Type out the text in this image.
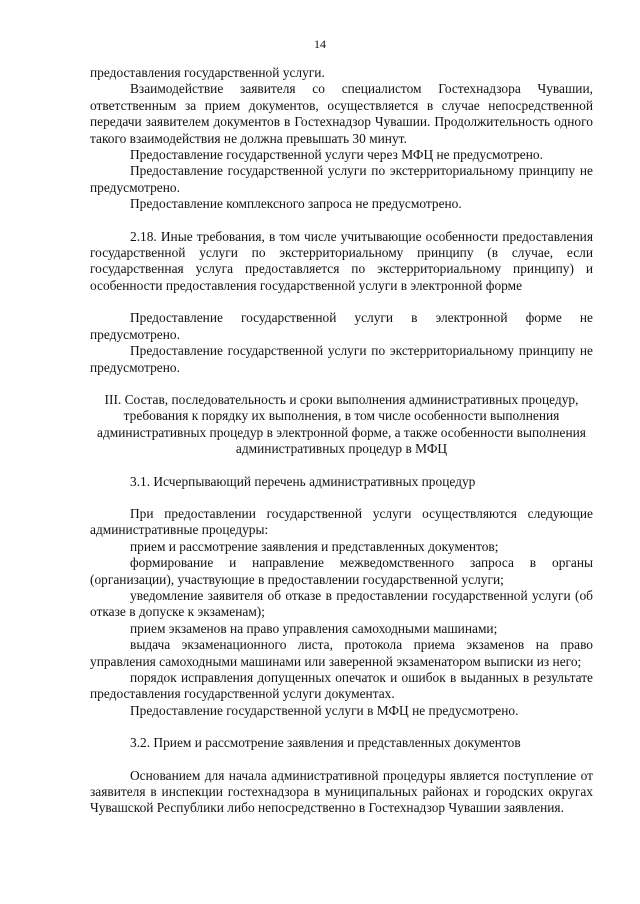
14

предоставления государственной услуги.

Взаимодействие заявителя со специалистом Гостехнадзора Чувашии, ответственным за прием документов, осуществляется в случае непосредственной передачи заявителем документов в Гостехнадзор Чувашии. Продолжительность одного такого взаимодействия не должна превышать 30 минут.

Предоставление государственной услуги через МФЦ не предусмотрено.

Предоставление государственной услуги по экстерриториальному принципу не предусмотрено.

Предоставление комплексного запроса не предусмотрено.

2.18. Иные требования, в том числе учитывающие особенности предоставления государственной услуги по экстерриториальному принципу (в случае, если государственная услуга предоставляется по экстерриториальному принципу) и особенности предоставления государственной услуги в электронной форме

Предоставление государственной услуги в электронной форме не предусмотрено.

Предоставление государственной услуги по экстерриториальному принципу не предусмотрено.

III. Состав, последовательность и сроки выполнения административных процедур, требования к порядку их выполнения, в том числе особенности выполнения административных процедур в электронной форме, а также особенности выполнения административных процедур в МФЦ

3.1. Исчерпывающий перечень административных процедур

При предоставлении государственной услуги осуществляются следующие административные процедуры:

прием и рассмотрение заявления и представленных документов;

формирование и направление межведомственного запроса в органы (организации), участвующие в предоставлении государственной услуги;

уведомление заявителя об отказе в предоставлении государственной услуги (об отказе в допуске к экзаменам);

прием экзаменов на право управления самоходными машинами;

выдача экзаменационного листа, протокола приема экзаменов на право управления самоходными машинами или заверенной экзаменатором выписки из него;

порядок исправления допущенных опечаток и ошибок в выданных в результате предоставления государственной услуги документах.

Предоставление государственной услуги в МФЦ не предусмотрено.

3.2. Прием и рассмотрение заявления и представленных документов

Основанием для начала административной процедуры является поступление от заявителя в инспекции гостехнадзора в муниципальных районах и городских округах Чувашской Республики либо непосредственно в Гостехнадзор Чувашии заявления.
